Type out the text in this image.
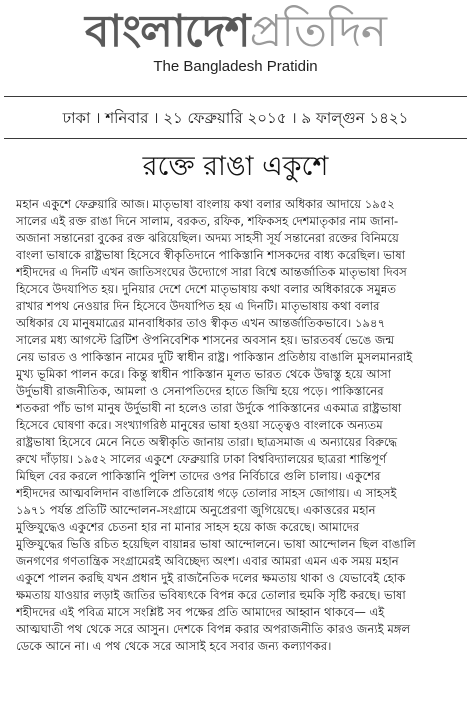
বাংলাদেশপ্রতিদিন
The Bangladesh Pratidin
ঢাকা । শনিবার । ২১ ফেব্রুয়ারি ২০১৫ । ৯ ফাল্গুন ১৪২১
রক্তে রাঙা একুশে
মহান একুশে ফেব্রুয়ারি আজ। মাতৃভাষা বাংলায় কথা বলার অধিকার আদায়ে ১৯৫২
সালের এই রক্ত রাঙা দিনে সালাম, বরকত, রফিক, শফিকসহ দেশমাতৃকার নাম জানা-
অজানা সন্তানেরা বুকের রক্ত ঝরিয়েছিল। অদম্য সাহসী সূর্য সন্তানেরা রক্তের বিনিময়ে
বাংলা ভাষাকে রাষ্ট্রভাষা হিসেবে স্বীকৃতিদানে পাকিস্তানি শাসকদের বাধ্য করেছিল। ভাষা
শহীদদের এ দিনটি এখন জাতিসংঘের উদ্যোগে সারা বিশ্বে আন্তর্জাতিক মাতৃভাষা দিবস
হিসেবে উদযাপিত হয়। দুনিয়ার দেশে দেশে মাতৃভাষায় কথা বলার অধিকারকে সমুন্নত
রাখার শপথ নেওয়ার দিন হিসেবে উদযাপিত হয় এ দিনটি। মাতৃভাষায় কথা বলার
অধিকার যে মানুষমাত্রের মানবাধিকার তাও স্বীকৃত এখন আন্তর্জাতিকভাবে। ১৯৪৭
সালের মধ্য আগস্টে ব্রিটিশ ঔপনিবেশিক শাসনের অবসান হয়। ভারতবর্ষ ভেঙে জন্ম
নেয় ভারত ও পাকিস্তান নামের দুটি স্বাধীন রাষ্ট্র। পাকিস্তান প্রতিষ্ঠায় বাঙালি মুসলমানরাই
মুখ্য ভূমিকা পালন করে। কিন্তু স্বাধীন পাকিস্তান মূলত ভারত থেকে উদ্বাস্তু হয়ে আসা
উর্দুভাষী রাজনীতিক, আমলা ও সেনাপতিদের হাতে জিম্মি হয়ে পড়ে। পাকিস্তানের
শতকরা পাঁচ ভাগ মানুষ উর্দুভাষী না হলেও তারা উর্দুকে পাকিস্তানের একমাত্র রাষ্ট্রভাষা
হিসেবে ঘোষণা করে। সংখ্যাগরিষ্ঠ মানুষের ভাষা হওয়া সত্ত্বেও বাংলাকে অন্যতম
রাষ্ট্রভাষা হিসেবে মেনে নিতে অস্বীকৃতি জানায় তারা। ছাত্রসমাজ এ অন্যায়ের বিরুদ্ধে
রুখে দাঁড়ায়। ১৯৫২ সালের একুশে ফেব্রুয়ারি ঢাকা বিশ্ববিদ্যালয়ের ছাত্ররা শান্তিপূর্ণ
মিছিল বের করলে পাকিস্তানি পুলিশ তাদের ওপর নির্বিচারে গুলি চালায়। একুশের
শহীদদের আত্মবলিদান বাঙালিকে প্রতিরোধ গড়ে তোলার সাহস জোগায়। এ সাহসই
১৯৭১ পর্যন্ত প্রতিটি আন্দোলন-সংগ্রামে অনুপ্রেরণা জুগিয়েছে। একাত্তরের মহান
মুক্তিযুদ্ধেও একুশের চেতনা হার না মানার সাহস হয়ে কাজ করেছে। আমাদের
মুক্তিযুদ্ধের ভিত্তি রচিত হয়েছিল বায়ান্নর ভাষা আন্দোলনে। ভাষা আন্দোলন ছিল বাঙালি
জনগণের গণতান্ত্রিক সংগ্রামেরই অবিচ্ছেদ্য অংশ। এবার আমরা এমন এক সময় মহান
একুশে পালন করছি যখন প্রধান দুই রাজনৈতিক দলের ক্ষমতায় থাকা ও যেভাবেই হোক
ক্ষমতায় যাওয়ার লড়াই জাতির ভবিষ্যৎকে বিপন্ন করে তোলার হুমকি সৃষ্টি করছে। ভাষা
শহীদদের এই পবিত্র মাসে সংশ্লিষ্ট সব পক্ষের প্রতি আমাদের আহ্বান থাকবে— এই
আত্মঘাতী পথ থেকে সরে আসুন। দেশকে বিপন্ন করার অপরাজনীতি কারও জন্যই মঙ্গল
ডেকে আনে না। এ পথ থেকে সরে আসাই হবে সবার জন্য কল্যাণকর।
